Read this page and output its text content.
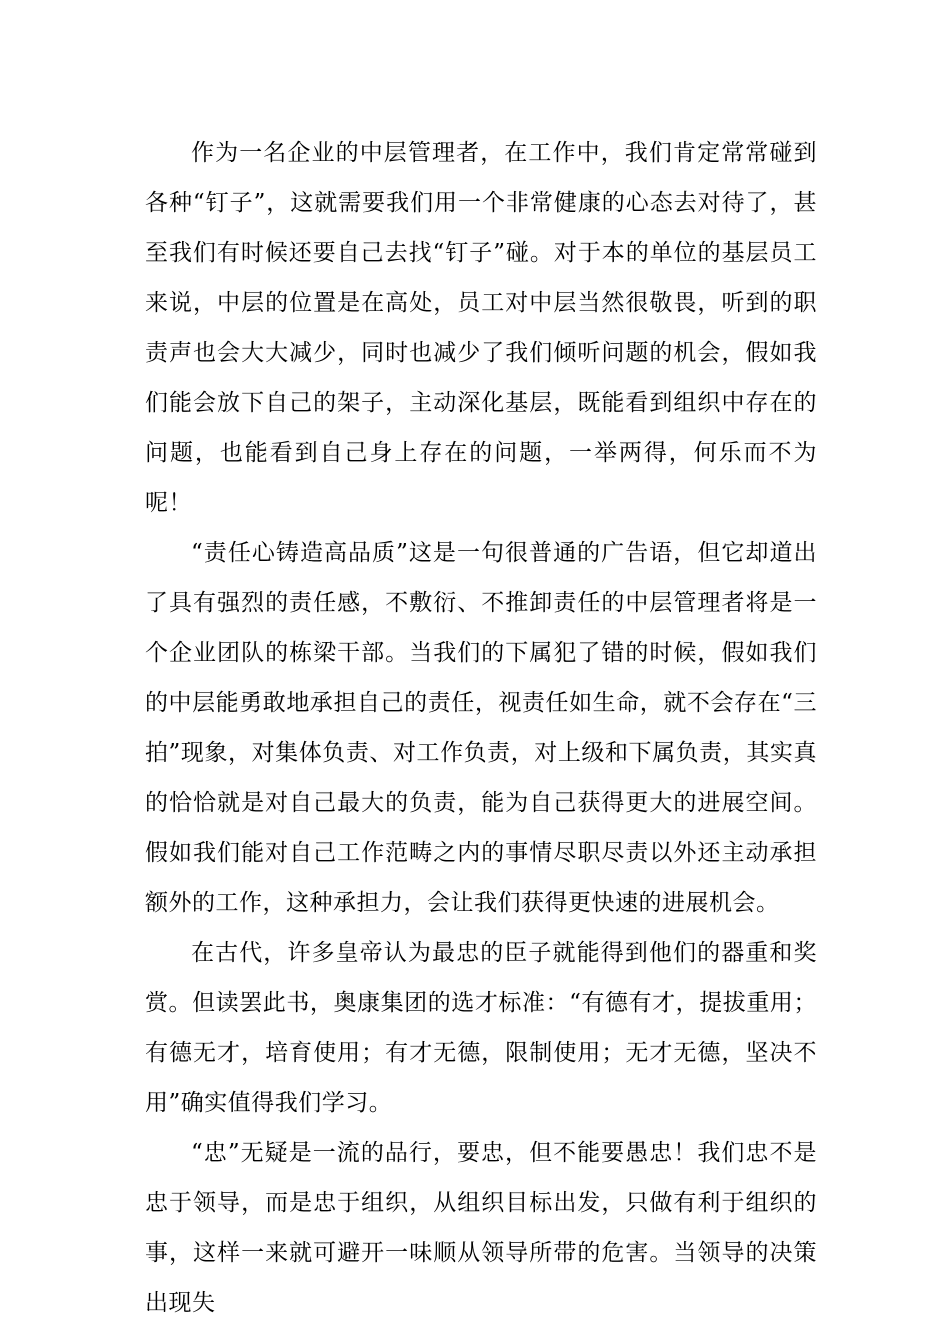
作为一名企业的中层管理者，在工作中，我们肯定常常碰到各种“钉子”，这就需要我们用一个非常健康的心态去对待了，甚至我们有时候还要自己去找“钉子”碰。对于本的单位的基层员工来说，中层的位置是在高处，员工对中层当然很敬畏，听到的职责声也会大大减少，同时也减少了我们倾听问题的机会，假如我们能会放下自己的架子，主动深化基层，既能看到组织中存在的问题，也能看到自己身上存在的问题，一举两得，何乐而不为呢！

“责任心铸造高品质”这是一句很普通的广告语，但它却道出了具有强烈的责任感，不敷衍、不推卸责任的中层管理者将是一个企业团队的栋梁干部。当我们的下属犯了错的时候，假如我们的中层能勇敢地承担自己的责任，视责任如生命，就不会存在“三拍”现象，对集体负责、对工作负责，对上级和下属负责，其实真的恰恰就是对自己最大的负责，能为自己获得更大的进展空间。假如我们能对自己工作范畴之内的事情尽职尽责以外还主动承担额外的工作，这种承担力，会让我们获得更快速的进展机会。

在古代，许多皇帝认为最忠的臣子就能得到他们的器重和奖赏。但读罢此书，奥康集团的选才标准：“有德有才，提拔重用；有德无才，培育使用；有才无德，限制使用；无才无德，坚决不用”确实值得我们学习。

“忠”无疑是一流的品行，要忠，但不能要愚忠！我们忠不是忠于领导，而是忠于组织，从组织目标出发，只做有利于组织的事，这样一来就可避开一味顺从领导所带的危害。当领导的决策出现失
